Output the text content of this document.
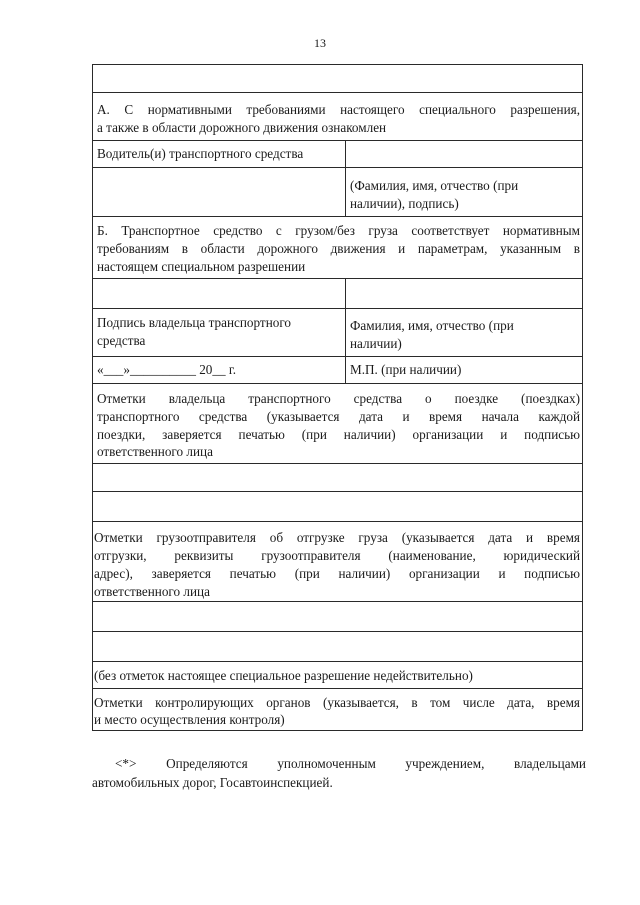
13
А. С нормативными требованиями настоящего специального разрешения,
а также в области дорожного движения ознакомлен
Водитель(и) транспортного средства
(Фамилия, имя, отчество (при
наличии), подпись)
Б. Транспортное средство с грузом/без груза соответствует нормативным
требованиям в области дорожного движения и параметрам, указанным в
настоящем специальном разрешении
Подпись владельца транспортного
средства
Фамилия, имя, отчество (при
наличии)
«___»__________ 20__ г.	М.П. (при наличии)
Отметки владельца транспортного средства о поездке (поездках)
транспортного средства (указывается дата и время начала каждой
поездки, заверяется печатью (при наличии) организации и подписью
ответственного лица
Отметки грузоотправителя об отгрузке груза (указывается дата и время
отгрузки, реквизиты грузоотправителя (наименование, юридический
адрес), заверяется печатью (при наличии) организации и подписью
ответственного лица
(без отметок настоящее специальное разрешение недействительно)
Отметки контролирующих органов (указывается, в том числе дата, время
и место осуществления контроля)
<*> Определяются уполномоченным учреждением, владельцами
автомобильных дорог, Госавтоинспекцией.
